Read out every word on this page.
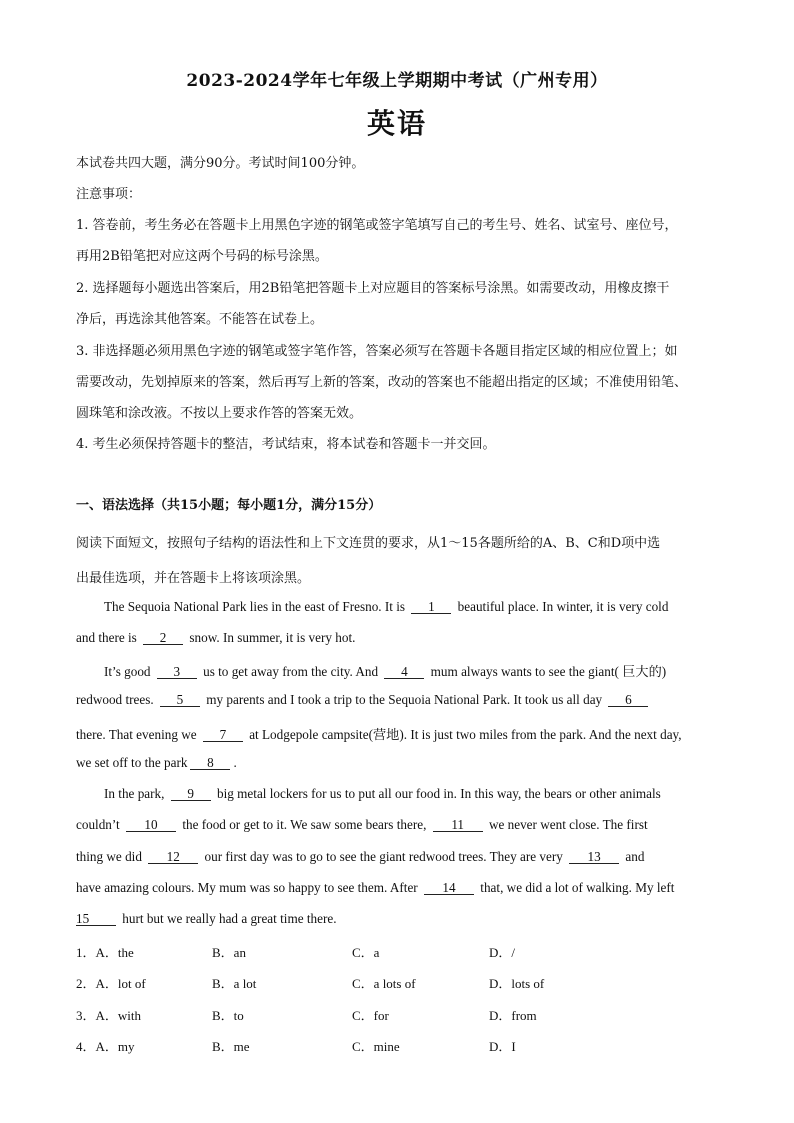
2023-2024学年七年级上学期期中考试（广州专用）
英语
本试卷共四大题，满分90分。考试时间100分钟。
注意事项：
1. 答卷前，考生务必在答题卡上用黑色字迹的钢笔或签字笔填写自己的考生号、姓名、试室号、座位号，
再用2B铅笔把对应这两个号码的标号涂黑。
2. 选择题每小题选出答案后，用2B铅笔把答题卡上对应题目的答案标号涂黑。如需要改动，用橡皮擦干
净后，再选涂其他答案。不能答在试卷上。
3. 非选择题必须用黑色字迹的钢笔或签字笔作答，答案必须写在答题卡各题目指定区域的相应位置上；如
需要改动，先划掉原来的答案，然后再写上新的答案，改动的答案也不能超出指定的区域；不准使用铅笔、
圆珠笔和涂改液。不按以上要求作答的答案无效。
4. 考生必须保持答题卡的整洁，考试结束，将本试卷和答题卡一并交回。
一、语法选择（共15小题；每小题1分，满分15分）
阅读下面短文，按照句子结构的语法性和上下文连贯的要求，从1～15各题所给的A、B、C和D项中选
出最佳选项，并在答题卡上将该项涂黑。
The Sequoia National Park lies in the east of Fresno. It is 1 beautiful place. In winter, it is very cold
and there is 2 snow. In summer, it is very hot.
It’s good 3 us to get away from the city. And 4 mum always wants to see the giant( 巨大的)
redwood trees. 5 my parents and I took a trip to the Sequoia National Park. It took us all day 6
there. That evening we 7 at Lodgepole campsite(营地). It is just two miles from the park. And the next day,
we set off to the park 8 .
In the park, 9 big metal lockers for us to put all our food in. In this way, the bears or other animals
couldn’t 10 the food or get to it. We saw some bears there, 11 we never went close. The first
thing we did 12 our first day was to go to see the giant redwood trees. They are very 13 and
have amazing colours. My mum was so happy to see them. After 14 that, we did a lot of walking. My left
15	hurt but we really had a great time there.
1．A．the	B．an	C．a	D．/
2．A．lot of	B．a lot	C．a lots of	D．lots of
3．A．with	B．to	C．for	D．from
4．A．my	B．me	C．mine	D．I
